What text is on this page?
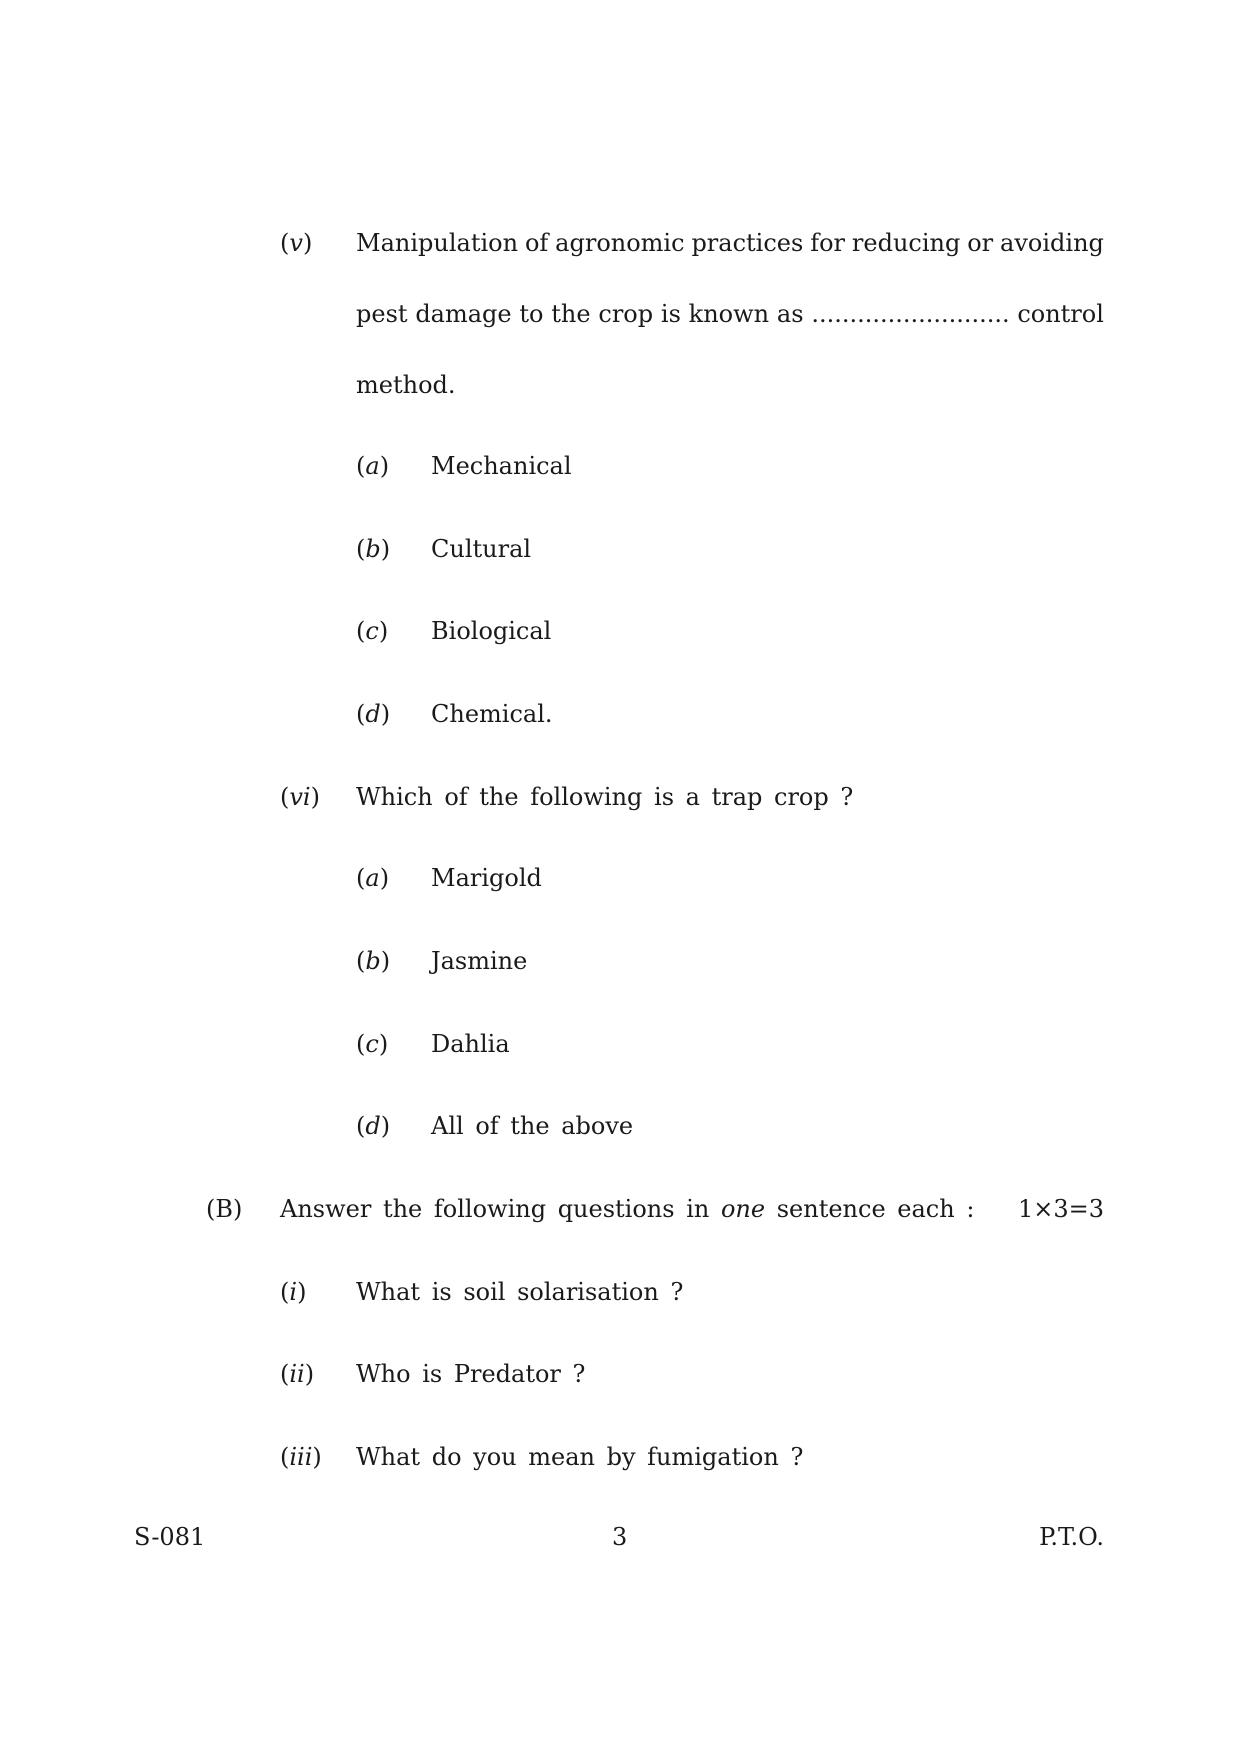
(v) Manipulation of agronomic practices for reducing or avoiding
pest damage to the crop is known as .......................... control
method.
(a) Mechanical
(b) Cultural
(c) Biological
(d) Chemical.
(vi) Which of the following is a trap crop ?
(a) Marigold
(b) Jasmine
(c) Dahlia
(d) All of the above
(B) Answer the following questions in one sentence each : 1×3=3
(i) What is soil solarisation ?
(ii) Who is Predator ?
(iii) What do you mean by fumigation ?
S-081	3	P.T.O.
